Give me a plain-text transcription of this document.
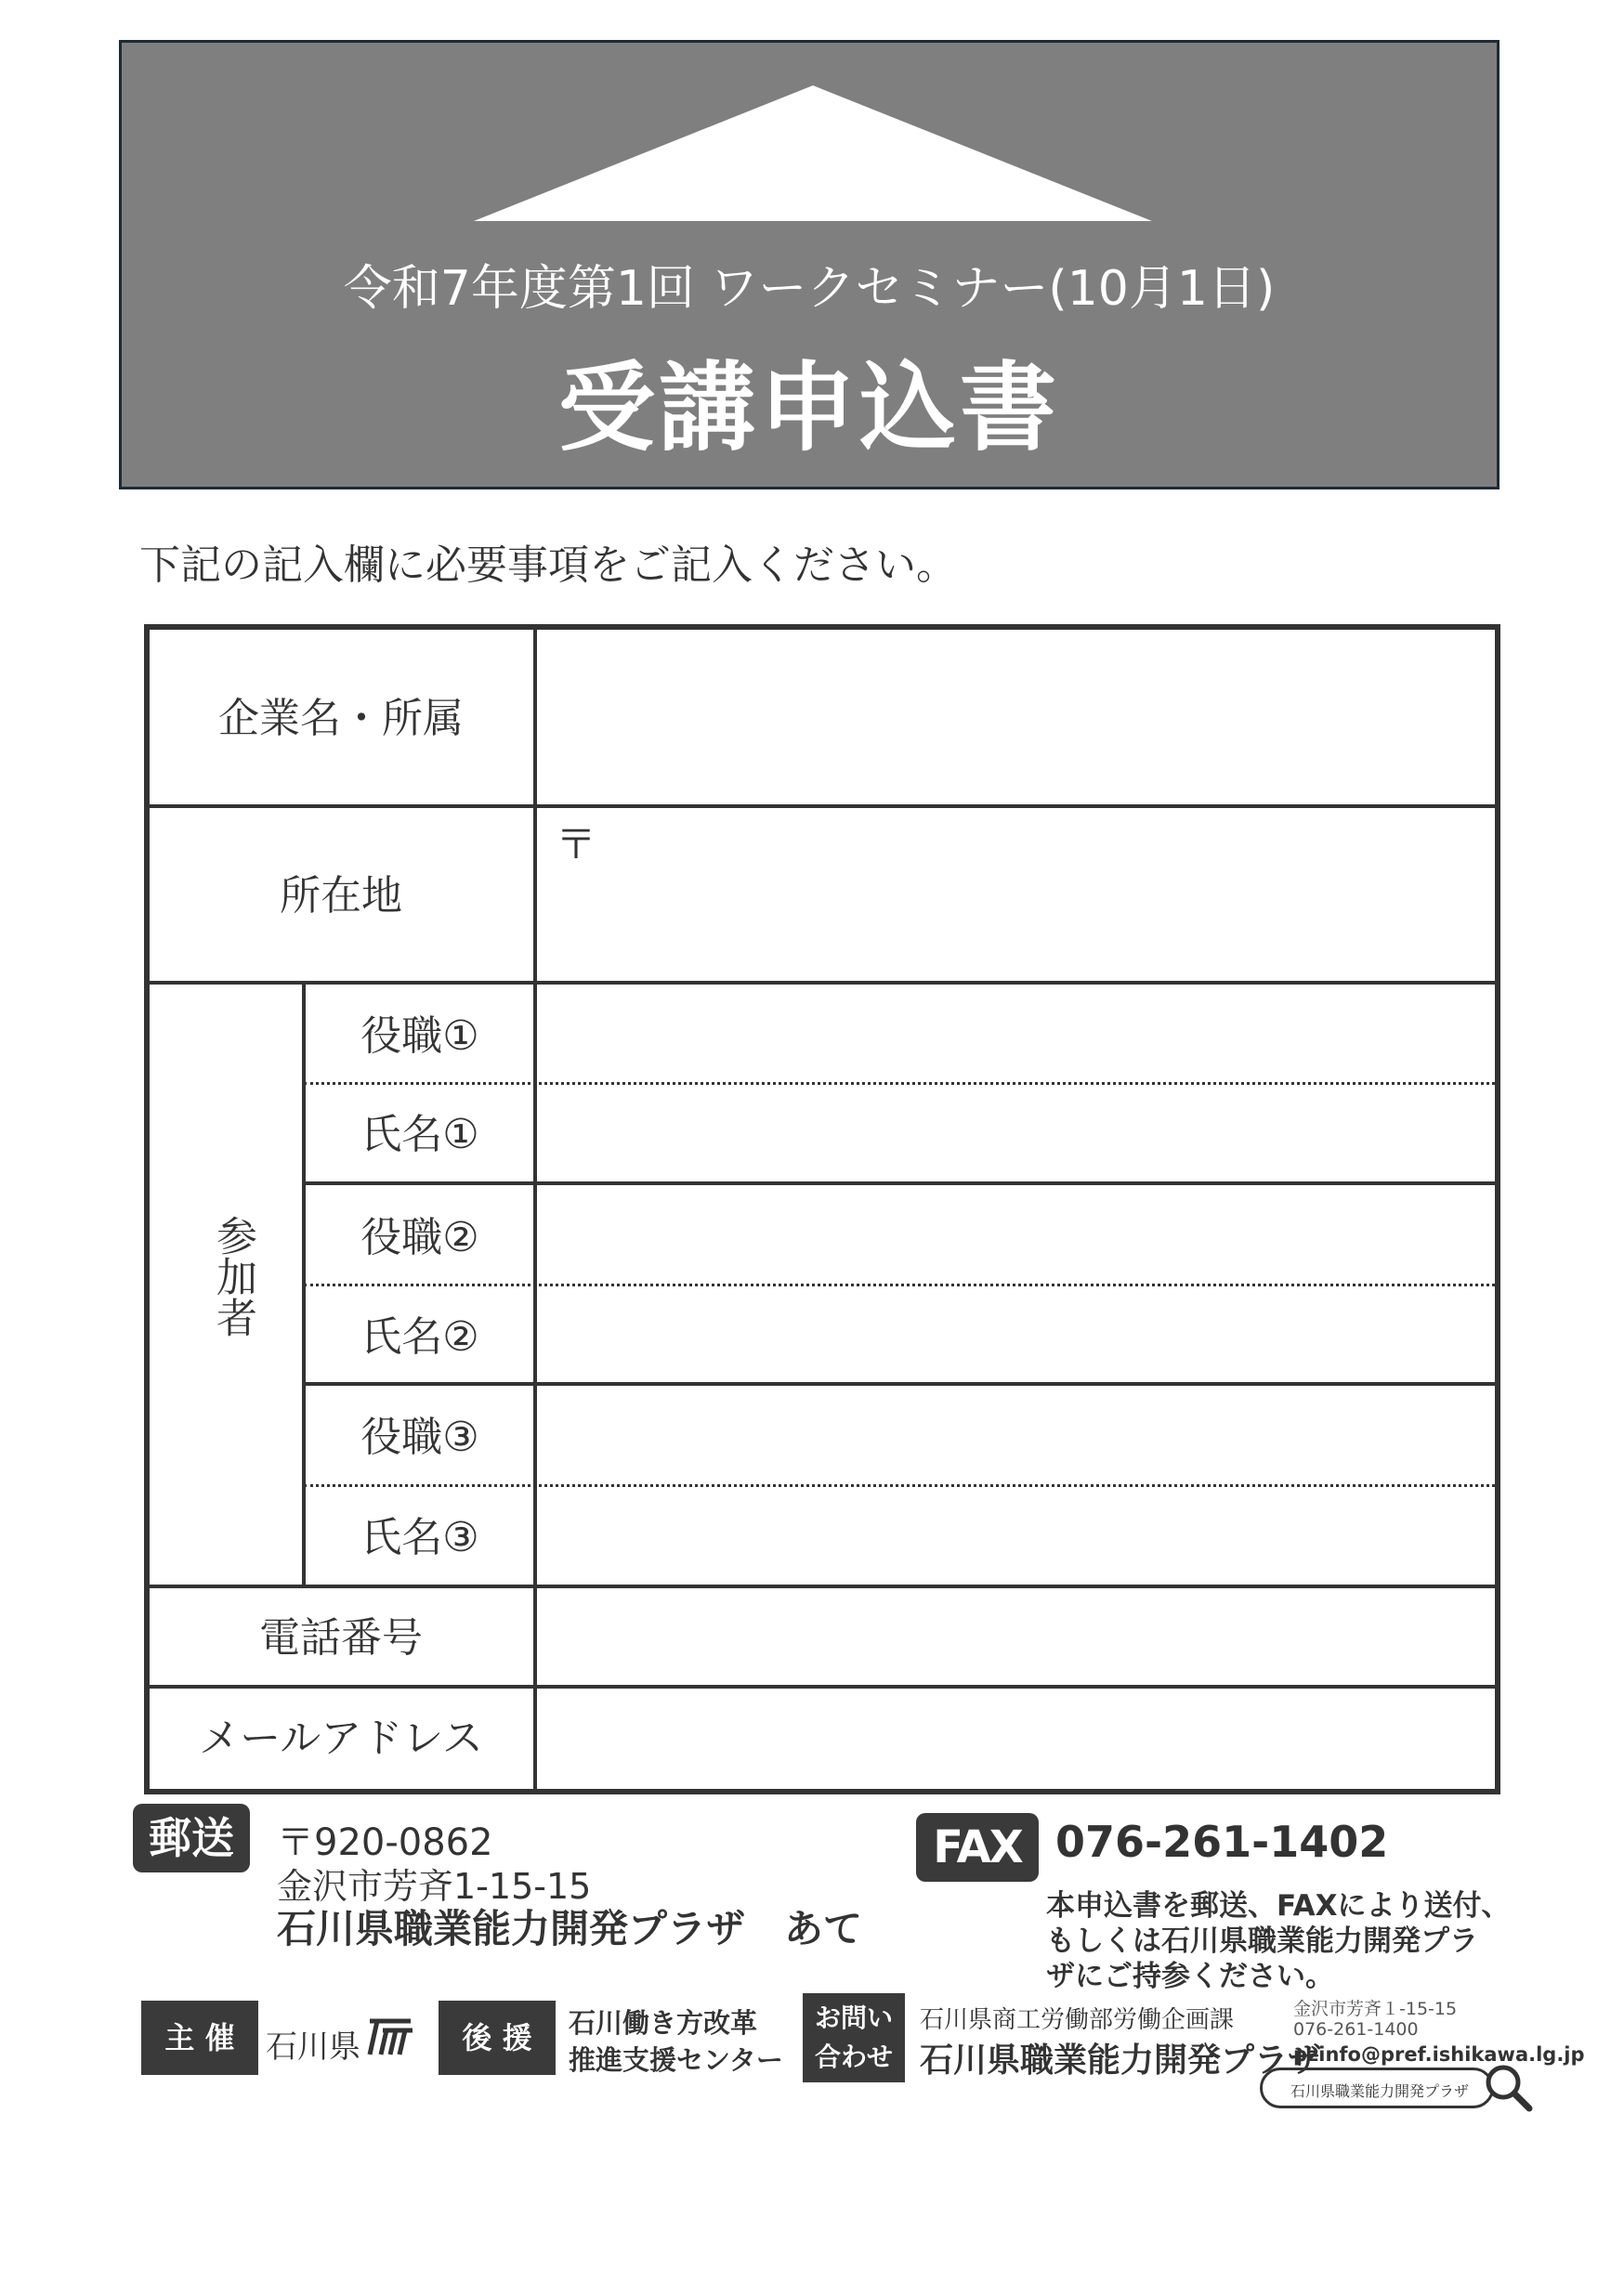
令和7年度第1回 ワークセミナー(10月1日)
受講申込書
下記の記入欄に必要事項をご記入ください。
企業名・所属
所在地
〒
参加者
役職①
氏名①
役職②
氏名②
役職③
氏名③
電話番号
メールアドレス
郵送	〒920-0862
金沢市芳斉1-15-15
石川県職業能力開発プラザ　あて
FAX 076-261-1402
本申込書を郵送、FAXにより送付、
もしくは石川県職業能力開発プラ
ザにご持参ください。
主 催 石川県	後 援	石川働き方改革
推進支援センター
お問い
合わせ
石川県商工労働部労働企画課
石川県職業能力開発プラザ
金沢市芳斉１-15-15
076-261-1400
pzinfo@pref.ishikawa.lg.jp
石川県職業能力開発プラザ
